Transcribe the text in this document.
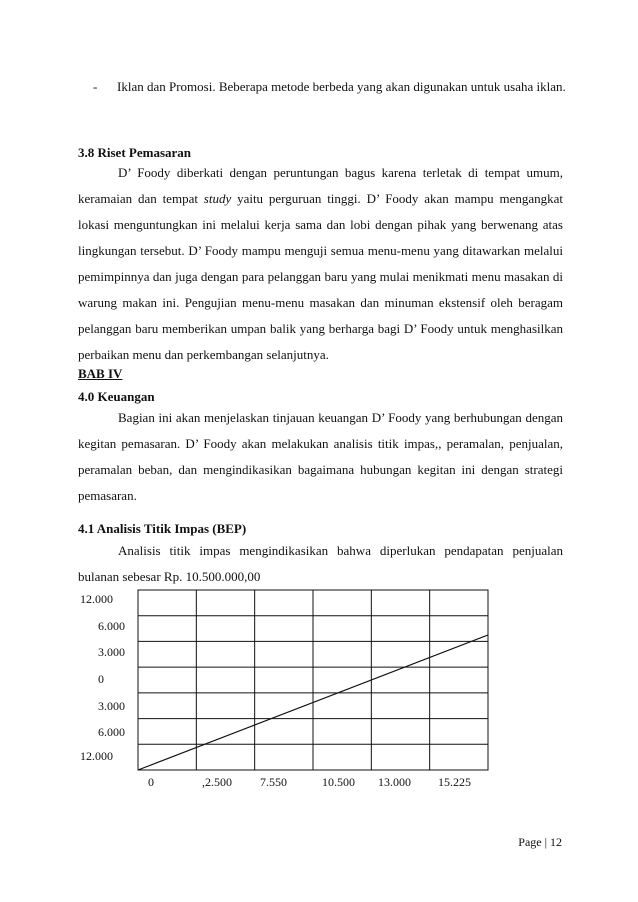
- Iklan dan Promosi. Beberapa metode berbeda yang akan digunakan untuk usaha iklan.
3.8 Riset Pemasaran
D’ Foody diberkati dengan peruntungan bagus karena terletak di tempat umum, keramaian dan tempat study yaitu perguruan tinggi. D’ Foody akan mampu mengangkat lokasi menguntungkan ini melalui kerja sama dan lobi dengan pihak yang berwenang atas lingkungan tersebut. D’ Foody mampu menguji semua menu-menu yang ditawarkan melalui pemimpinnya dan juga dengan para pelanggan baru yang mulai menikmati menu masakan di warung makan ini. Pengujian menu-menu masakan dan minuman ekstensif oleh beragam pelanggan baru memberikan umpan balik yang berharga bagi D’ Foody untuk menghasilkan perbaikan menu dan perkembangan selanjutnya.
BAB IV
4.0 Keuangan
Bagian ini akan menjelaskan tinjauan keuangan D’ Foody yang berhubungan dengan kegitan pemasaran. D’ Foody akan melakukan analisis titik impas,, peramalan, penjualan, peramalan beban, dan mengindikasikan bagaimana hubungan kegitan ini dengan strategi pemasaran.
4.1 Analisis Titik Impas (BEP)
Analisis titik impas mengindikasikan bahwa diperlukan pendapatan penjualan bulanan sebesar Rp. 10.500.000,00
12.000
6.000
3.000
0
3.000
6.000
12.000
0	,2.500 7.550	10.500 13.000 15.225
Page | 12
